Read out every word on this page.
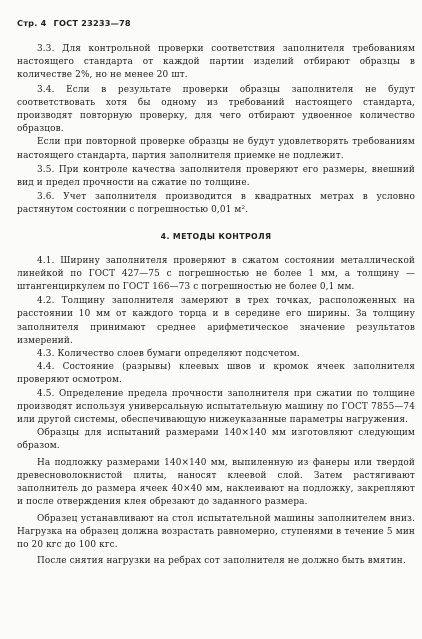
Стр. 4 ГОСТ 23233—78

3.3. Для контрольной проверки соответствия заполнителя требованиям настоящего стандарта от каждой партии изделий отбирают образцы в количестве 2%, но не менее 20 шт.

3.4. Если в результате проверки образцы заполнителя не будут соответствовать хотя бы одному из требований настоящего стандарта, производят повторную проверку, для чего отбирают удвоенное количество образцов.

Если при повторной проверке образцы не будут удовлетворять требованиям настоящего стандарта, партия заполнителя приемке не подлежит.

3.5. При контроле качества заполнителя проверяют его размеры, внешний вид и предел прочности на сжатие по толщине.

3.6. Учет заполнителя производится в квадратных метрах в условно растянутом состоянии с погрешностью 0,01 м².

4. МЕТОДЫ КОНТРОЛЯ

4.1. Ширину заполнителя проверяют в сжатом состоянии металлической линейкой по ГОСТ 427—75 с погрешностью не более 1 мм, а толщину — штангенциркулем по ГОСТ 166—73 с погрешностью не более 0,1 мм.

4.2. Толщину заполнителя замеряют в трех точках, расположенных на расстоянии 10 мм от каждого торца и в середине его ширины. За толщину заполнителя принимают среднее арифметическое значение результатов измерений.

4.3. Количество слоев бумаги определяют подсчетом.

4.4. Состояние (разрывы) клеевых швов и кромок ячеек заполнителя проверяют осмотром.

4.5. Определение предела прочности заполнителя при сжатии по толщине производят используя универсальную испытательную машину по ГОСТ 7855—74 или другой системы, обеспечивающую нижеуказанные параметры нагружения.

Образцы для испытаний размерами 140×140 мм изготовляют следующим образом.

На подложку размерами 140×140 мм, выпиленную из фанеры или твердой древесноволокнистой плиты, наносят клеевой слой. Затем растягивают заполнитель до размера ячеек 40×40 мм, наклеивают на подложку, закрепляют и после отверждения клея обрезают до заданного размера.

Образец устанавливают на стол испытательной машины заполнителем вниз. Нагрузка на образец должна возрастать равномерно, ступенями в течение 5 мин по 20 кгс до 100 кгс.

После снятия нагрузки на ребрах сот заполнителя не должно быть вмятин.
